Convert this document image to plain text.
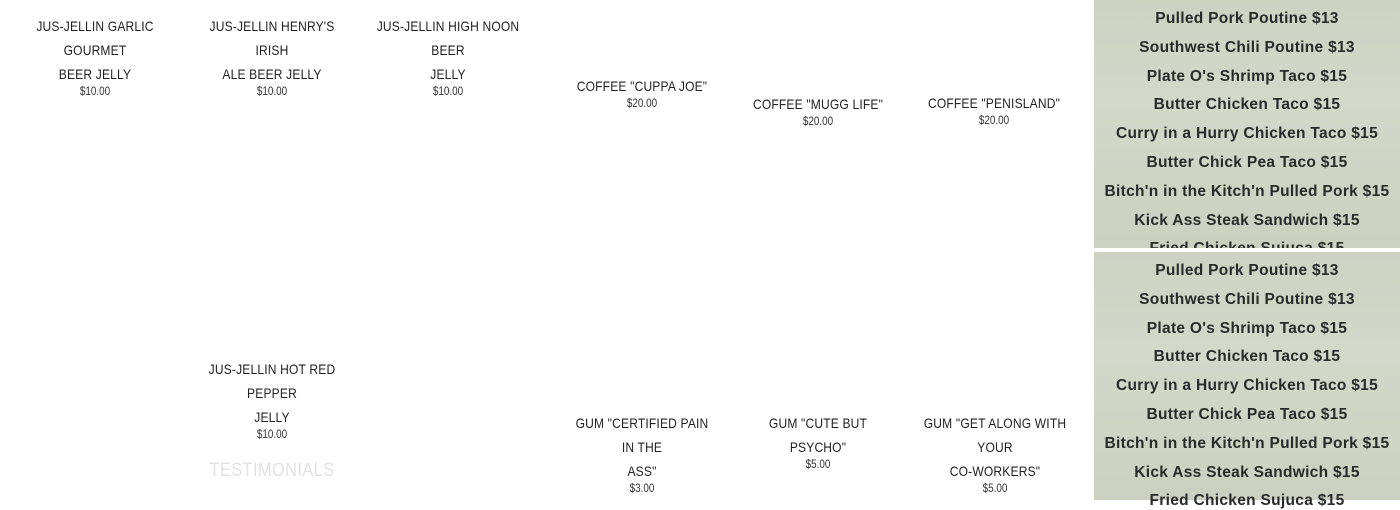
JUS-JELLIN GARLIC GOURMET
BEER JELLY
$10.00
JUS-JELLIN HENRY'S IRISH
ALE BEER JELLY
$10.00
JUS-JELLIN HIGH NOON BEER
JELLY
$10.00	COFFEE "CUPPA JOE"
$20.00	COFFEE "MUGG LIFE"
$20.00
COFFEE "PENISLAND"
$20.00
JUS-JELLIN HOT RED PEPPER
JELLY
$10.00
GUM "CERTIFIED PAIN IN THE
ASS"
$3.00
GUM "CUTE BUT PSYCHO"
$5.00
GUM "GET ALONG WITH YOUR
CO-WORKERS"
$5.00
TESTIMONIALS
Pulled Pork Poutine $13
Southwest Chili Poutine $13
Plate O's Shrimp Taco $15
Butter Chicken Taco $15
Curry in a Hurry Chicken Taco $15
Butter Chick Pea Taco $15
Bitch'n in the Kitch'n Pulled Pork $15
Kick Ass Steak Sandwich $15
Pulled Pork Poutine $13
Southwest Chili Poutine $13
Plate O's Shrimp Taco $15
Butter Chicken Taco $15
Curry in a Hurry Chicken Taco $15
Butter Chick Pea Taco $15
Bitch'n in the Kitch'n Pulled Pork $15
Kick Ass Steak Sandwich $15
Fried Chicken Sujuca $15
